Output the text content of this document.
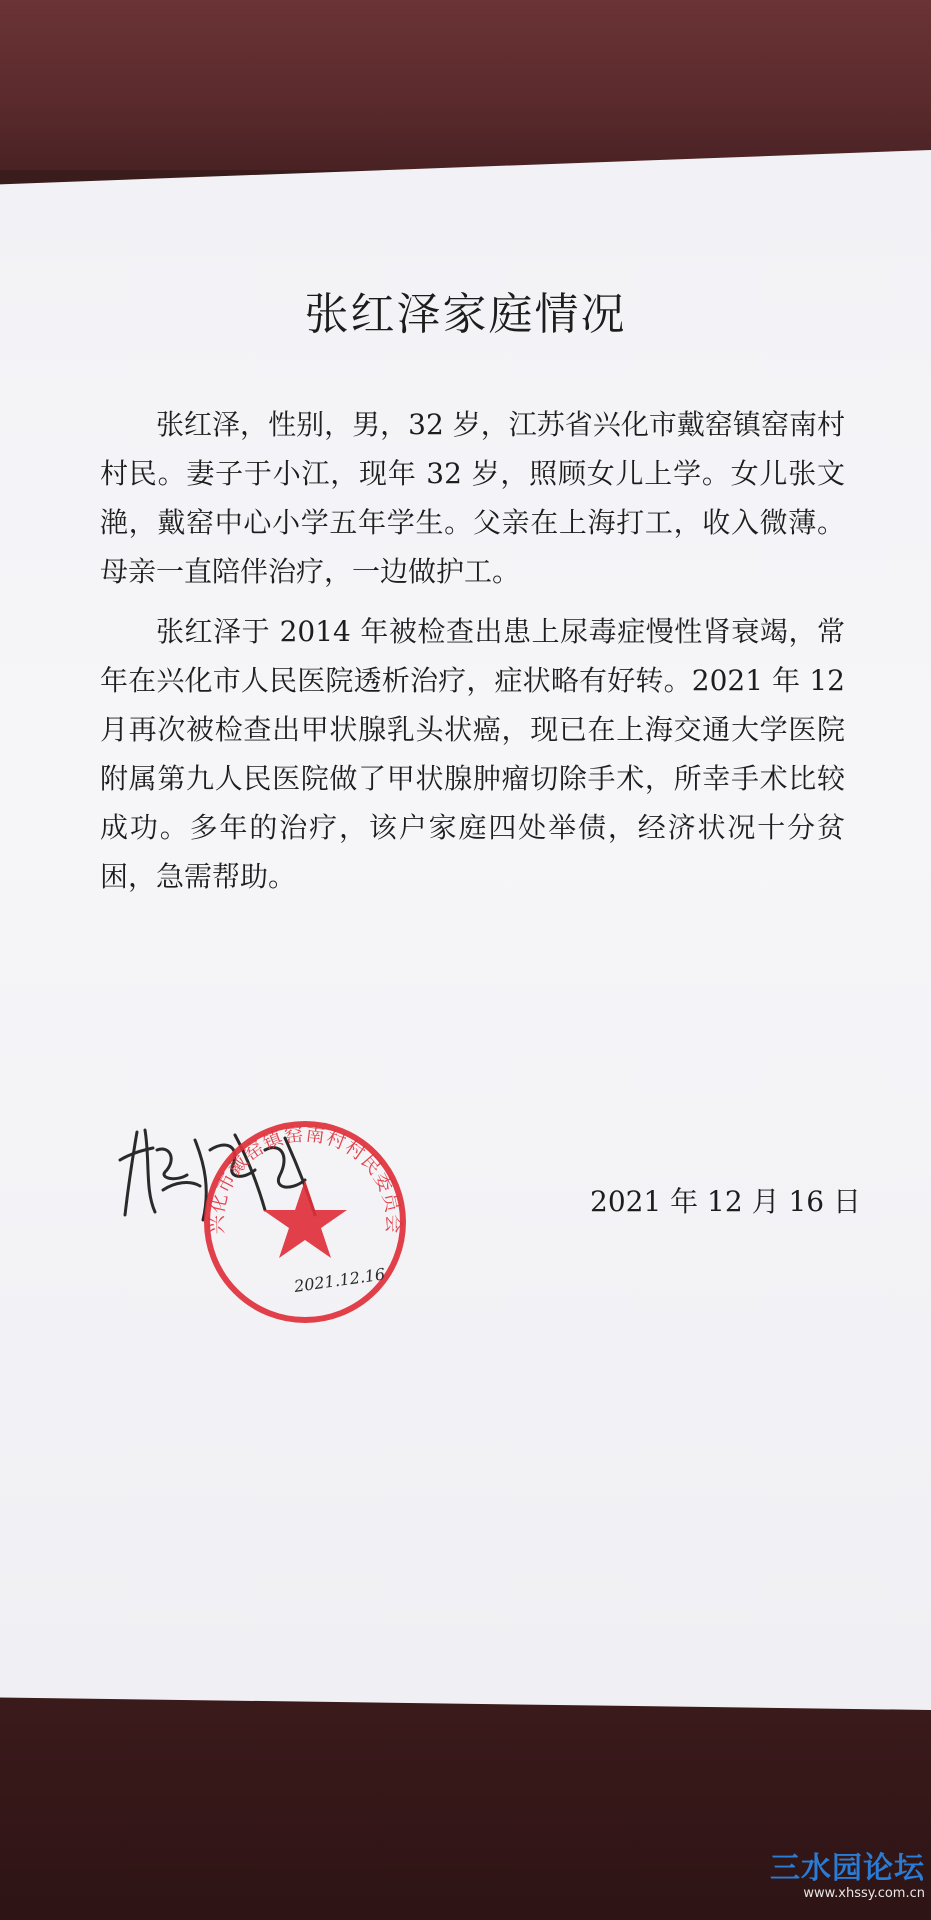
张红泽家庭情况

张红泽，性别，男，32 岁，江苏省兴化市戴窑镇窑南村村民。妻子于小江，现年 32 岁，照顾女儿上学。女儿张文滟，戴窑中心小学五年学生。父亲在上海打工，收入微薄。母亲一直陪伴治疗，一边做护工。

张红泽于 2014 年被检查出患上尿毒症慢性肾衰竭，常年在兴化市人民医院透析治疗，症状略有好转。2021 年 12 月再次被检查出甲状腺乳头状癌，现已在上海交通大学医院附属第九人民医院做了甲状腺肿瘤切除手术，所幸手术比较成功。多年的治疗，该户家庭四处举债，经济状况十分贫困，急需帮助。

兴化市戴窑镇窑南村村民委员会
2021.12.16
2021 年 12 月 16 日
三水园论坛
www.xhssy.com.cn
